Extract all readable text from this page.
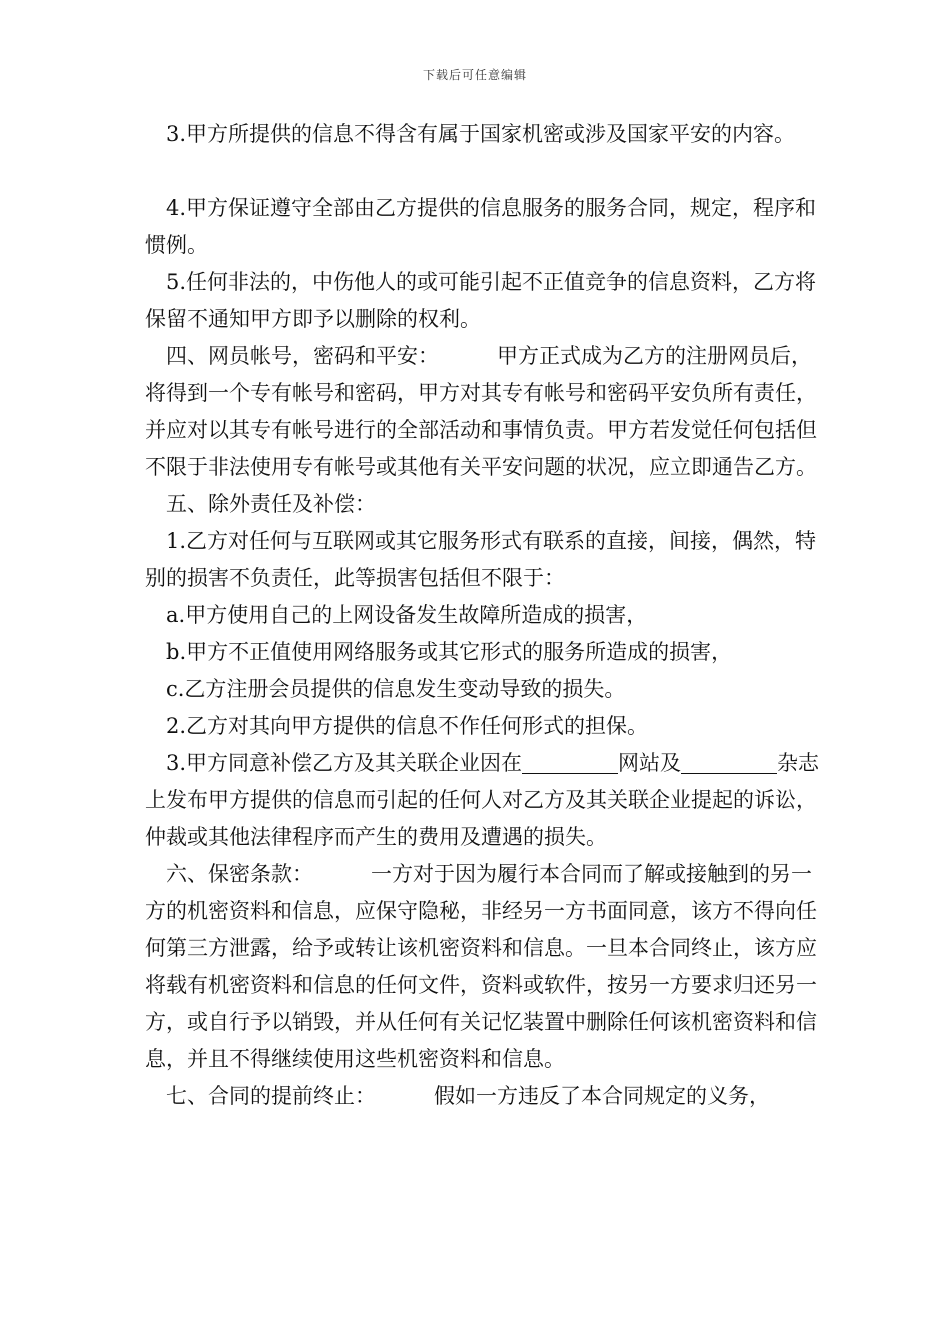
下载后可任意编辑

3.甲方所提供的信息不得含有属于国家机密或涉及国家平安的内容。

4.甲方保证遵守全部由乙方提供的信息服务的服务合同，规定，程序和惯例。

5.任何非法的，中伤他人的或可能引起不正值竞争的信息资料，乙方将保留不通知甲方即予以删除的权利。

四、网员帐号，密码和平安：	甲方正式成为乙方的注册网员后，将得到一个专有帐号和密码，甲方对其专有帐号和密码平安负所有责任，并应对以其专有帐号进行的全部活动和事情负责。甲方若发觉任何包括但不限于非法使用专有帐号或其他有关平安问题的状况，应立即通告乙方。

五、除外责任及补偿：

1.乙方对任何与互联网或其它服务形式有联系的直接，间接，偶然，特别的损害不负责任，此等损害包括但不限于：

a.甲方使用自己的上网设备发生故障所造成的损害，

b.甲方不正值使用网络服务或其它形式的服务所造成的损害，

c.乙方注册会员提供的信息发生变动导致的损失。

2.乙方对其向甲方提供的信息不作任何形式的担保。

3.甲方同意补偿乙方及其关联企业因在	网站及	杂志上发布甲方提供的信息而引起的任何人对乙方及其关联企业提起的诉讼，仲裁或其他法律程序而产生的费用及遭遇的损失。

六、保密条款：	一方对于因为履行本合同而了解或接触到的另一方的机密资料和信息，应保守隐秘，非经另一方书面同意，该方不得向任何第三方泄露，给予或转让该机密资料和信息。一旦本合同终止，该方应将载有机密资料和信息的任何文件，资料或软件，按另一方要求归还另一方，或自行予以销毁，并从任何有关记忆装置中删除任何该机密资料和信息，并且不得继续使用这些机密资料和信息。

七、合同的提前终止：	假如一方违反了本合同规定的义务，
